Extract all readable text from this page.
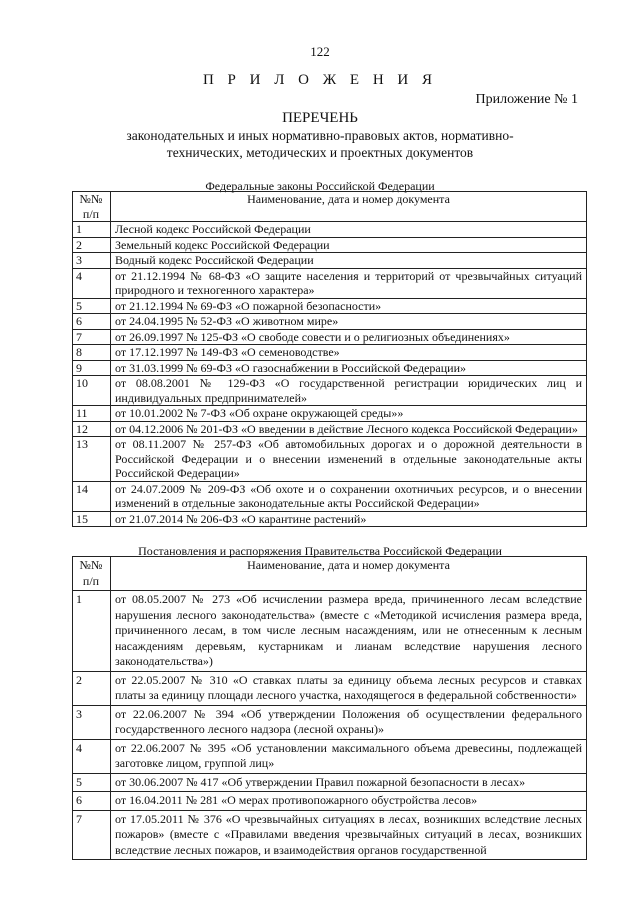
122
П Р И Л О Ж Е Н И Я
Приложение № 1
ПЕРЕЧЕНЬ
законодательных и иных нормативно-правовых актов, нормативно-технических, методических и проектных документов
Федеральные законы Российской Федерации
№№ п/п	Наименование, дата и номер документа
1	Лесной кодекс Российской Федерации
2	Земельный кодекс Российской Федерации
3	Водный кодекс Российской Федерации
4	от 21.12.1994 № 68-ФЗ «О защите населения и территорий от чрезвычайных ситуаций природного и техногенного характера»
5	от 21.12.1994 № 69-ФЗ «О пожарной безопасности»
6	от 24.04.1995 № 52-ФЗ «О животном мире»
7	от 26.09.1997 № 125-ФЗ «О свободе совести и о религиозных объединениях»
8	от 17.12.1997 № 149-ФЗ «О семеноводстве»
9	от 31.03.1999 № 69-ФЗ «О газоснабжении в Российской Федерации»
10	от 08.08.2001 № 129-ФЗ «О государственной регистрации юридических лиц и индивидуальных предпринимателей»
11	от 10.01.2002 № 7-ФЗ «Об охране окружающей среды»»
12	от 04.12.2006 № 201-ФЗ «О введении в действие Лесного кодекса Российской Федерации»
13	от 08.11.2007 № 257-ФЗ «Об автомобильных дорогах и о дорожной деятельности в Российской Федерации и о внесении изменений в отдельные законодательные акты Российской Федерации»
14	от 24.07.2009 № 209-ФЗ «Об охоте и о сохранении охотничьих ресурсов, и о внесении изменений в отдельные законодательные акты Российской Федерации»
15	от 21.07.2014 № 206-ФЗ «О карантине растений»
Постановления и распоряжения Правительства Российской Федерации
№№ п/п	Наименование, дата и номер документа
1	от 08.05.2007 № 273 «Об исчислении размера вреда, причиненного лесам вследствие нарушения лесного законодательства» (вместе с «Методикой исчисления размера вреда, причиненного лесам, в том числе лесным насаждениям, или не отнесенным к лесным насаждениям деревьям, кустарникам и лианам вследствие нарушения лесного законодательства»)
2	от 22.05.2007 № 310 «О ставках платы за единицу объема лесных ресурсов и ставках платы за единицу площади лесного участка, находящегося в федеральной собственности»
3	от 22.06.2007 № 394 «Об утверждении Положения об осуществлении федерального государственного лесного надзора (лесной охраны)»
4	от 22.06.2007 № 395 «Об установлении максимального объема древесины, подлежащей заготовке лицом, группой лиц»
5	от 30.06.2007 № 417 «Об утверждении Правил пожарной безопасности в лесах»
6	от 16.04.2011 № 281 «О мерах противопожарного обустройства лесов»
7	от 17.05.2011 № 376 «О чрезвычайных ситуациях в лесах, возникших вследствие лесных пожаров» (вместе с «Правилами введения чрезвычайных ситуаций в лесах, возникших вследствие лесных пожаров, и взаимодействия органов государственной
